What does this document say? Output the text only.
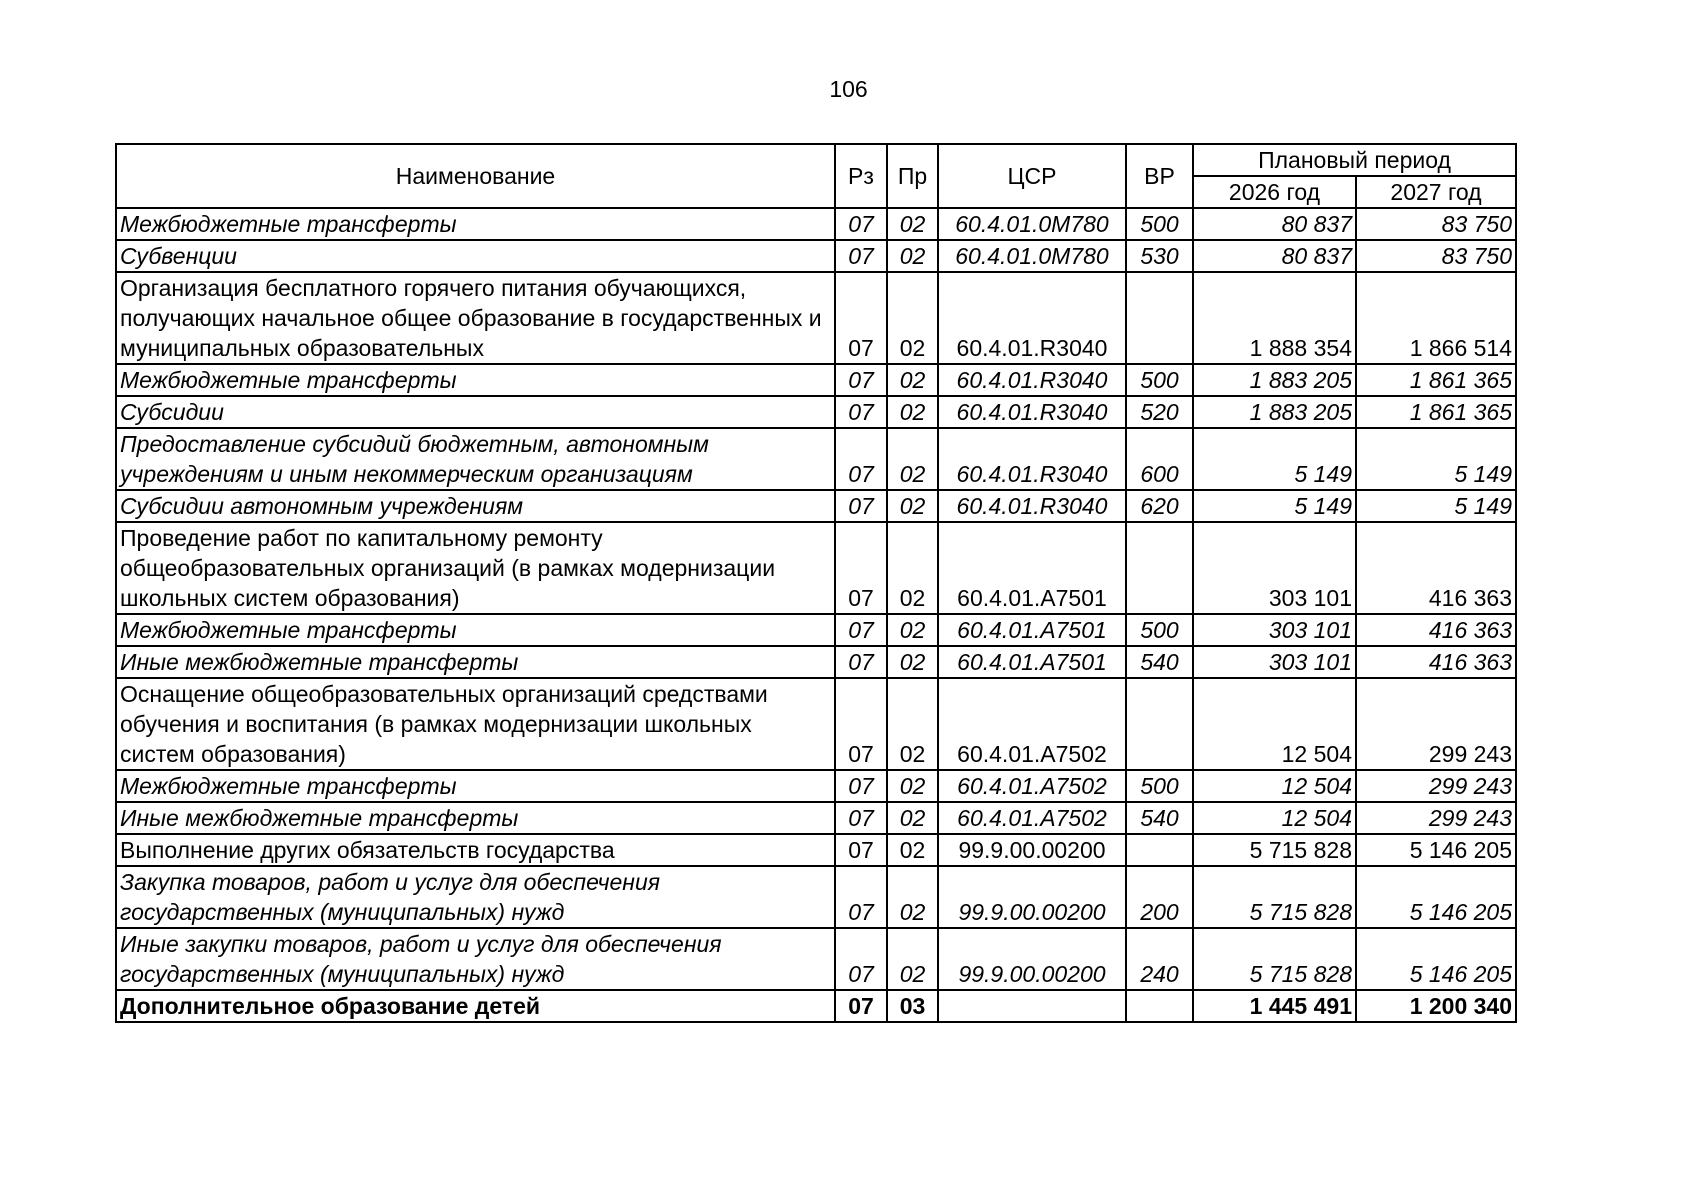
106
Наименование	Рз	Пр	ЦСР	ВР	Плановый период	
					2026 год	2027 год
Межбюджетные трансферты	07	02	60.4.01.0М780	500	80 837	83 750
Субвенции	07	02	60.4.01.0М780	530	80 837	83 750
Организация бесплатного горячего питания обучающихся, получающих начальное общее образование в государственных и муниципальных образовательных	07	02	60.4.01.R3040		1 888 354	1 866 514
Межбюджетные трансферты	07	02	60.4.01.R3040	500	1 883 205	1 861 365
Субсидии	07	02	60.4.01.R3040	520	1 883 205	1 861 365
Предоставление субсидий бюджетным, автономным учреждениям и иным некоммерческим организациям	07	02	60.4.01.R3040	600	5 149	5 149
Субсидии автономным учреждениям	07	02	60.4.01.R3040	620	5 149	5 149
Проведение работ по капитальному ремонту общеобразовательных организаций (в рамках модернизации школьных систем образования)	07	02	60.4.01.А7501		303 101	416 363
Межбюджетные трансферты	07	02	60.4.01.А7501	500	303 101	416 363
Иные межбюджетные трансферты	07	02	60.4.01.А7501	540	303 101	416 363
Оснащение общеобразовательных организаций средствами обучения и воспитания (в рамках модернизации школьных систем образования)	07	02	60.4.01.А7502		12 504	299 243
Межбюджетные трансферты	07	02	60.4.01.А7502	500	12 504	299 243
Иные межбюджетные трансферты	07	02	60.4.01.А7502	540	12 504	299 243
Выполнение других обязательств государства	07	02	99.9.00.00200		5 715 828	5 146 205
Закупка товаров, работ и услуг для обеспечения государственных (муниципальных) нужд	07	02	99.9.00.00200	200	5 715 828	5 146 205
Иные закупки товаров, работ и услуг для обеспечения государственных (муниципальных) нужд	07	02	99.9.00.00200	240	5 715 828	5 146 205
Дополнительное образование детей	07	03			1 445 491	1 200 340
